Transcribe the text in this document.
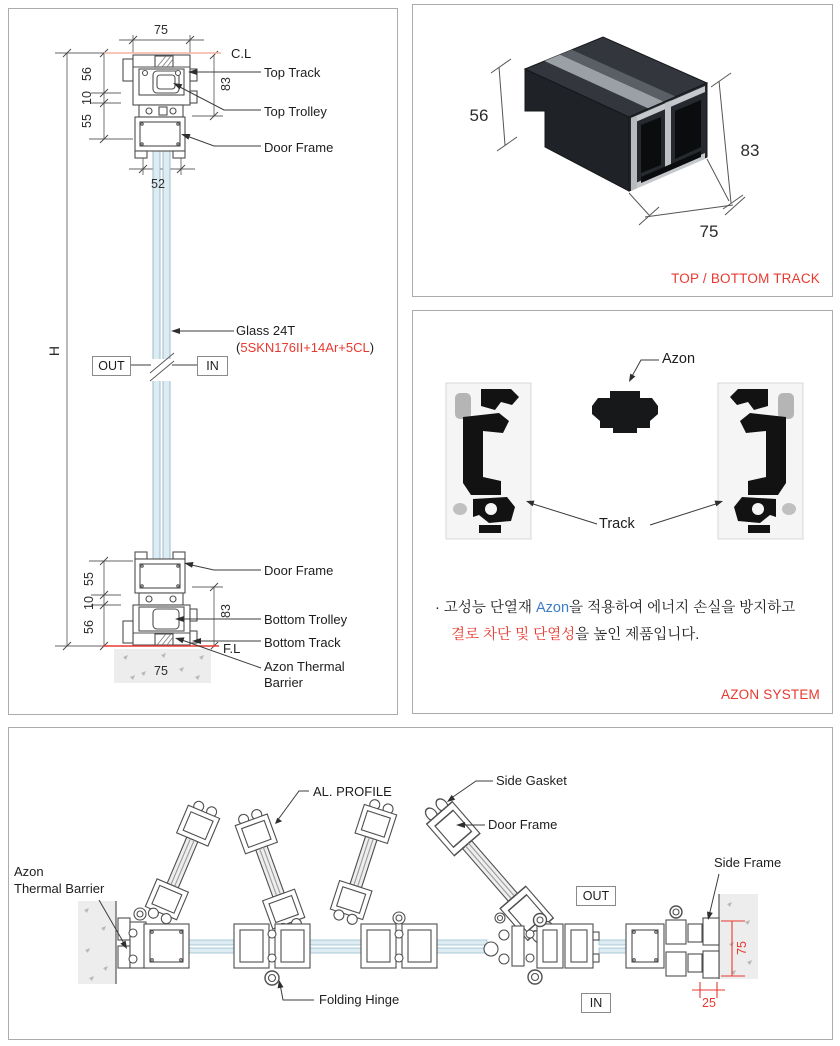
75
C.L
Top Track
Top Trolley
Door Frame
56
10
55
83
52
H
OUT	IN
Glass 24T
(5SKN176II+14Ar+5CL)
55
10
56
83
Door Frame
Bottom Trolley
Bottom Track
F.L
Azon Thermal
Barrier
75
56
83
75
TOP / BOTTOM TRACK
Azon
Track
· 고성능 단열재 Azon을 적용하여 에너지 손실을 방지하고
결로 차단 및 단열성을 높인 제품입니다.
AZON SYSTEM
AL. PROFILE
Side Gasket
Door Frame
Side Frame
Azon
Thermal Barrier
Folding Hinge
OUT
IN
75
25
